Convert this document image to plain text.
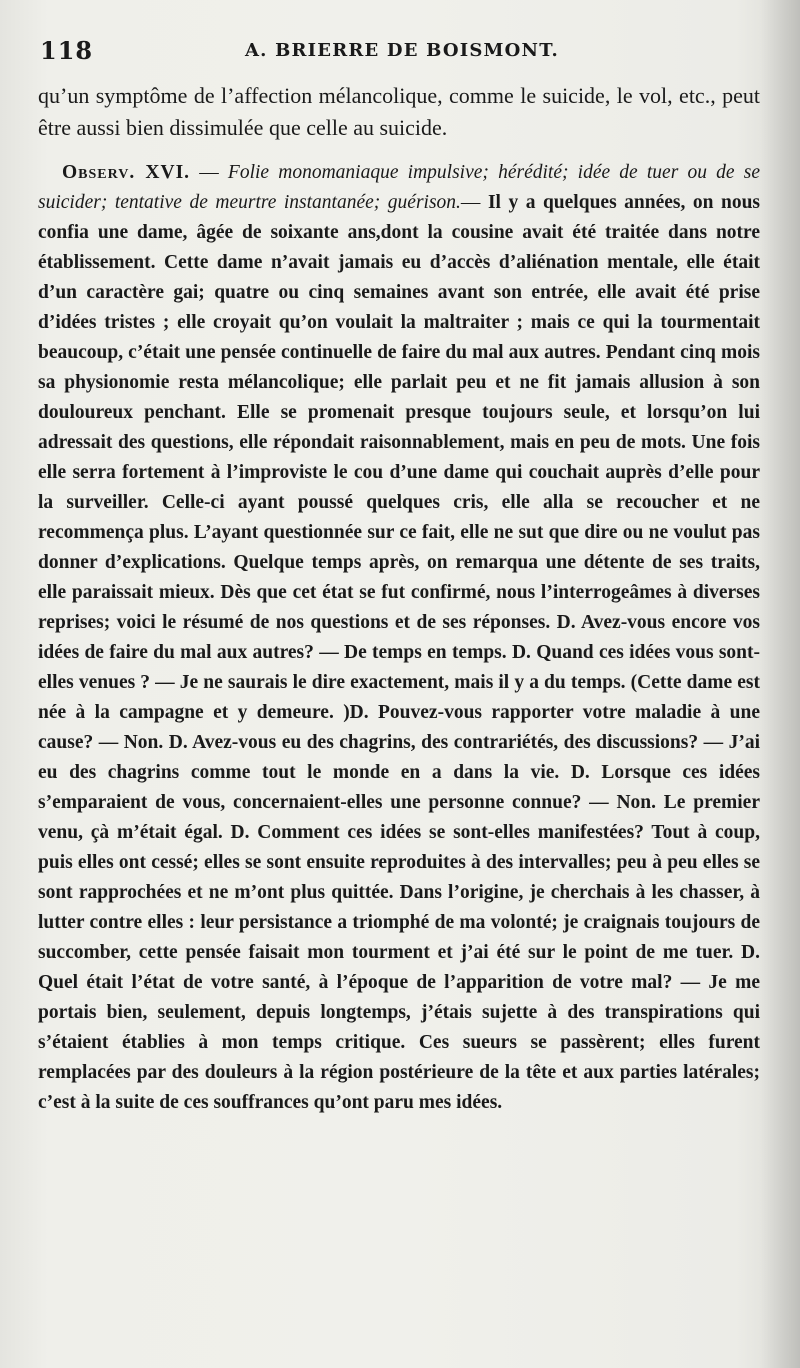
118	A. BRIERRE DE BOISMONT.

qu’un symptôme de l’affection mélancolique, comme le suicide, le vol, etc., peut être aussi bien dissimulée que celle au suicide.

Observ. XVI. — Folie monomaniaque impulsive; hérédité; idée de tuer ou de se suicider; tentative de meurtre instantanée; guérison.— Il y a quelques années, on nous confia une dame, âgée de soixante ans,dont la cousine avait été traitée dans notre établissement. Cette dame n’avait jamais eu d’accès d’aliénation mentale, elle était d’un caractère gai; quatre ou cinq semaines avant son entrée, elle avait été prise d’idées tristes ; elle croyait qu’on voulait la maltraiter ; mais ce qui la tourmentait beaucoup, c’était une pensée continuelle de faire du mal aux autres. Pendant cinq mois sa physionomie resta mélancolique; elle parlait peu et ne fit jamais allusion à son douloureux penchant. Elle se promenait presque toujours seule, et lorsqu’on lui adressait des questions, elle répondait raisonnablement, mais en peu de mots. Une fois elle serra fortement à l’improviste le cou d’une dame qui couchait auprès d’elle pour la surveiller. Celle-ci ayant poussé quelques cris, elle alla se recoucher et ne recommença plus. L’ayant questionnée sur ce fait, elle ne sut que dire ou ne voulut pas donner d’explications. Quelque temps après, on remarqua une détente de ses traits, elle paraissait mieux. Dès que cet état se fut confirmé, nous l’interrogeâmes à diverses reprises; voici le résumé de nos questions et de ses réponses. D. Avez-vous encore vos idées de faire du mal aux autres? — De temps en temps. D. Quand ces idées vous sont-elles venues ? — Je ne saurais le dire exactement, mais il y a du temps. (Cette dame est née à la campagne et y demeure. )D. Pouvez-vous rapporter votre maladie à une cause? — Non. D. Avez-vous eu des chagrins, des contrariétés, des discussions? — J’ai eu des chagrins comme tout le monde en a dans la vie. D. Lorsque ces idées s’emparaient de vous, concernaient-elles une personne connue? — Non. Le premier venu, çà m’était égal. D. Comment ces idées se sont-elles manifestées? Tout à coup, puis elles ont cessé; elles se sont ensuite reproduites à des intervalles; peu à peu elles se sont rapprochées et ne m’ont plus quittée. Dans l’origine, je cherchais à les chasser, à lutter contre elles : leur persistance a triomphé de ma volonté; je craignais toujours de succomber, cette pensée faisait mon tourment et j’ai été sur le point de me tuer. D. Quel était l’état de votre santé, à l’époque de l’apparition de votre mal? — Je me portais bien, seulement, depuis longtemps, j’étais sujette à des transpirations qui s’étaient établies à mon temps critique. Ces sueurs se passèrent; elles furent remplacées par des douleurs à la région postérieure de la tête et aux parties latérales; c’est à la suite de ces souffrances qu’ont paru mes idées.
